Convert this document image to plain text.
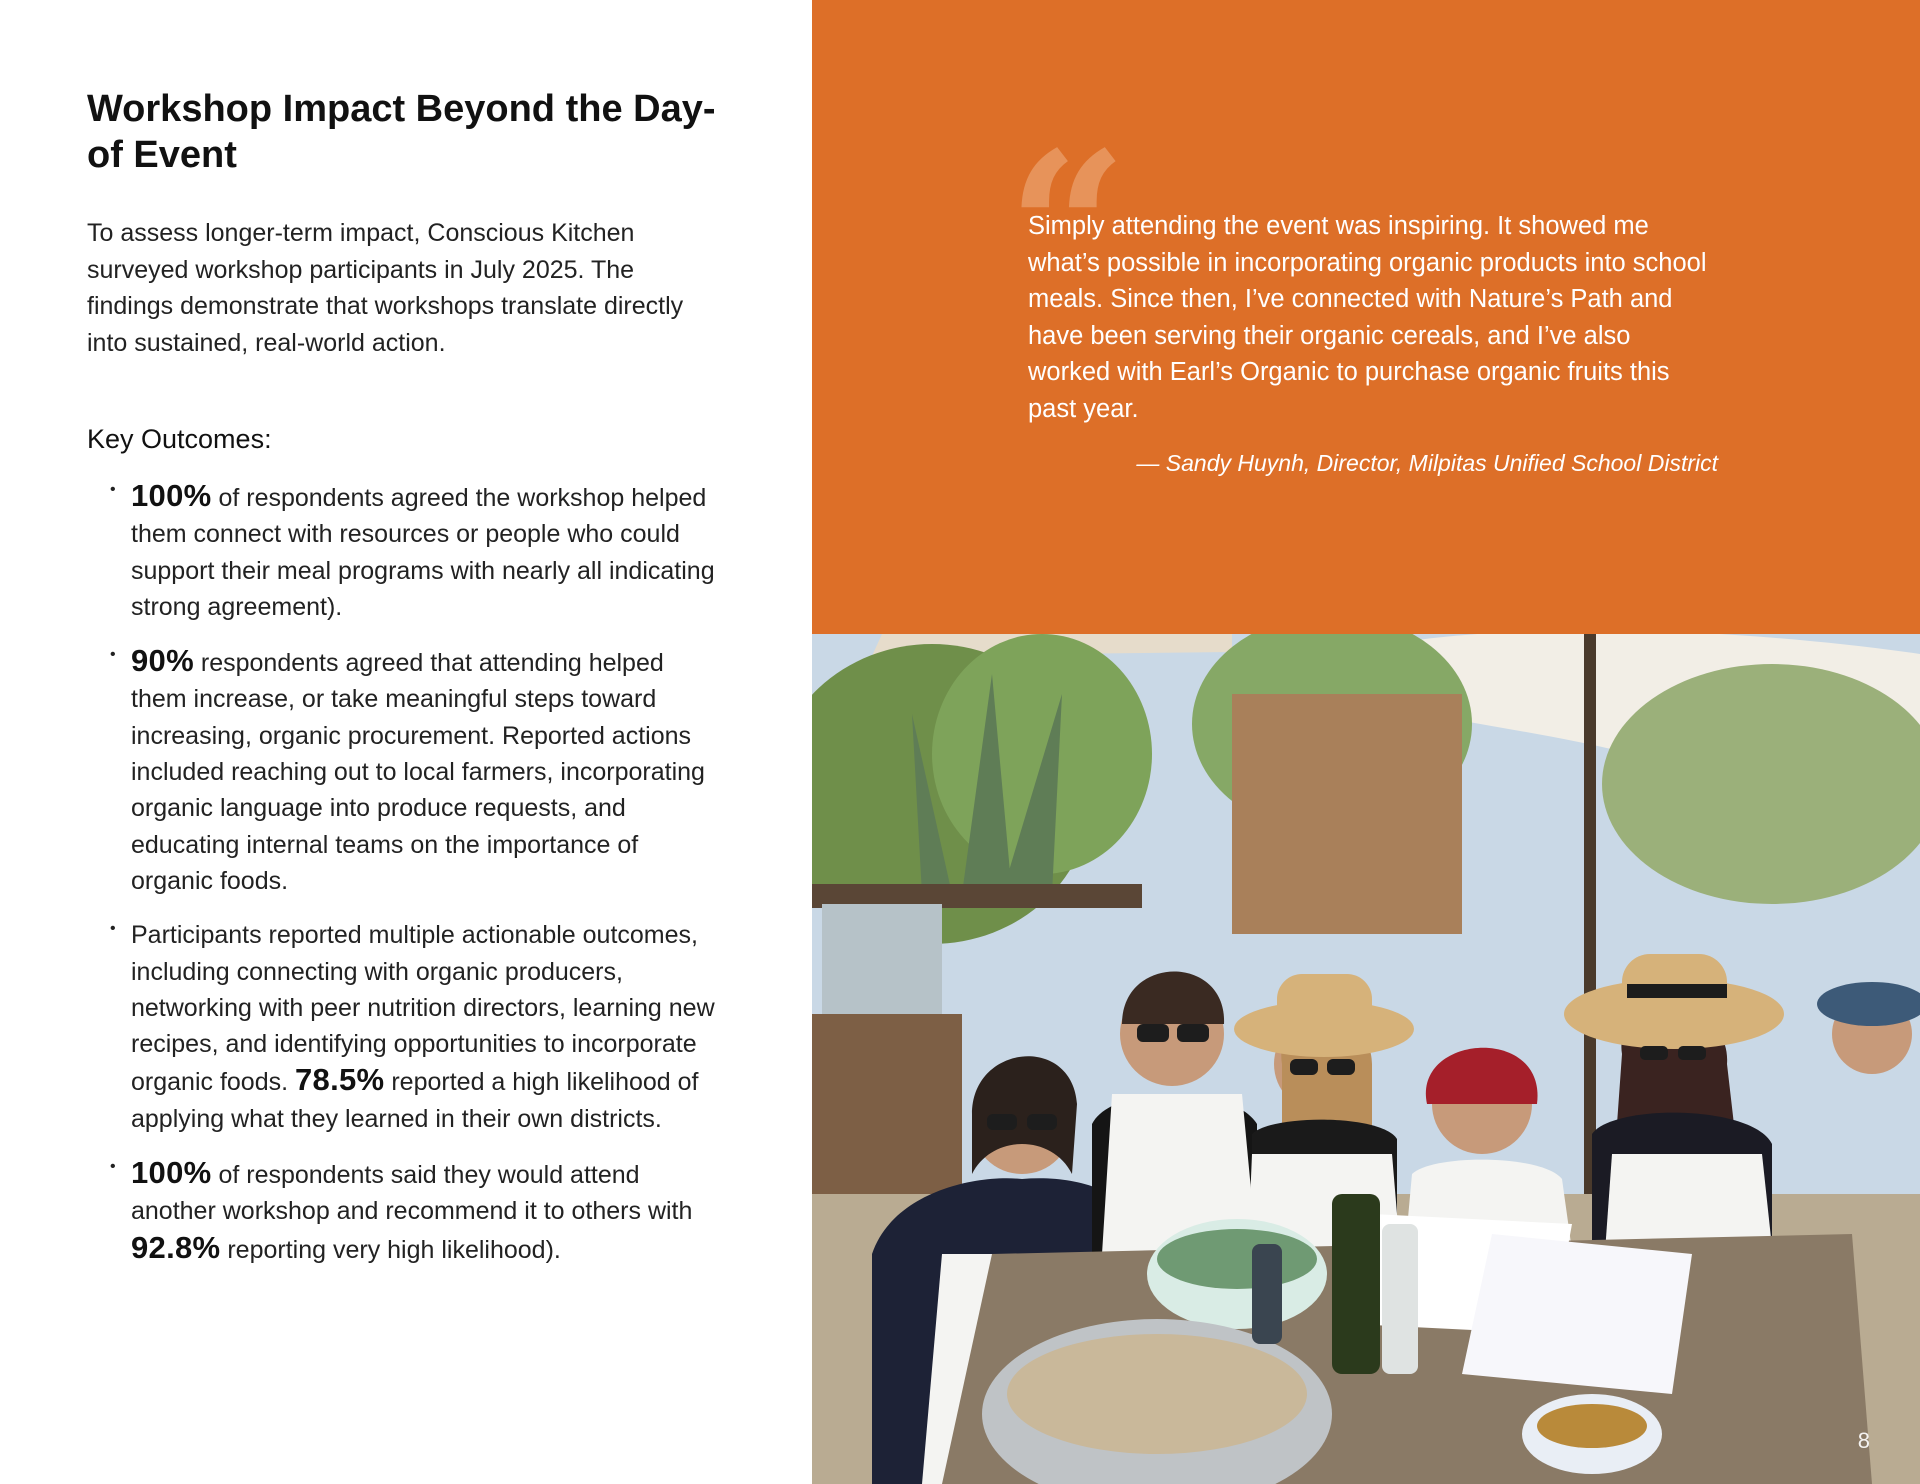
Workshop Impact Beyond the Day-of Event

To assess longer-term impact, Conscious Kitchen surveyed workshop participants in July 2025. The findings demonstrate that workshops translate directly into sustained, real-world action.

Key Outcomes:
• 100% of respondents agreed the workshop helped them connect with resources or people who could support their meal programs with nearly all indicating strong agreement).
• 90% respondents agreed that attending helped them increase, or take meaningful steps toward increasing, organic procurement. Reported actions included reaching out to local farmers, incorporating organic language into produce requests, and educating internal teams on the importance of organic foods.
• Participants reported multiple actionable outcomes, including connecting with organic producers, networking with peer nutrition directors, learning new recipes, and identifying opportunities to incorporate organic foods. 78.5% reported a high likelihood of applying what they learned in their own districts.
• 100% of respondents said they would attend another workshop and recommend it to others with 92.8% reporting very high likelihood).
“

Simply attending the event was inspiring. It showed me what’s possible in incorporating organic products into school meals. Since then, I’ve connected with Nature’s Path and have been serving their organic cereals, and I’ve also worked with Earl’s Organic to purchase organic fruits this past year.

— Sandy Huynh, Director, Milpitas Unified School District

8
